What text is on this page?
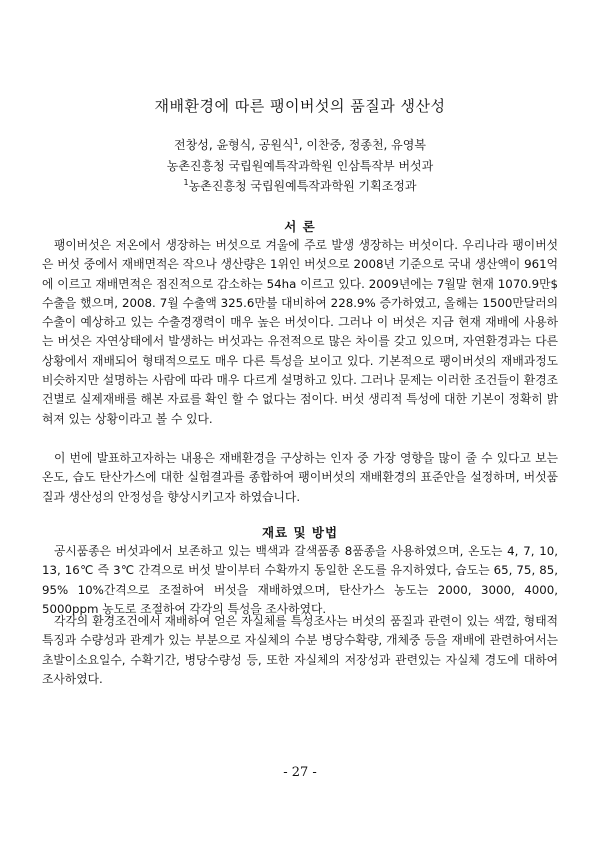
재배환경에 따른 팽이버섯의 품질과 생산성
전창성, 윤형식, 공원식$^1$, 이찬중, 정종천, 유영복
농촌진흥청 국립원예특작과학원 인삼특작부 버섯과
$^1$농촌진흥청 국립원예특작과학원 기획조정과
서 론

팽이버섯은 저온에서 생장하는 버섯으로 겨울에 주로 발생 생장하는 버섯이다. 우리나라 팽이버섯은 버섯 중에서 재배면적은 작으나 생산량은 1위인 버섯으로 2008년 기준으로 국내 생산액이 961억에 이르고 재배면적은 점진적으로 감소하는 54ha 이르고 있다. 2009년에는 7월말 현재 1070.9만$ 수출을 했으며, 2008. 7월 수출액 325.6만불 대비하여 228.9% 증가하였고, 올해는 1500만달러의 수출이 예상하고 있는 수출경쟁력이 매우 높은 버섯이다. 그러나 이 버섯은 지금 현재 재배에 사용하는 버섯은 자연상태에서 발생하는 버섯과는 유전적으로 많은 차이를 갖고 있으며, 자연환경과는 다른 상황에서 재배되어 형태적으로도 매우 다른 특성을 보이고 있다. 기본적으로 팽이버섯의 재배과정도 비슷하지만 설명하는 사람에 따라 매우 다르게 설명하고 있다. 그러나 문제는 이러한 조건들이 환경조건별로 실제재배를 해본 자료를 확인 할 수 없다는 점이다. 버섯 생리적 특성에 대한 기본이 정확히 밝혀져 있는 상황이라고 볼 수 있다.

이 번에 발표하고자하는 내용은 재배환경을 구상하는 인자 중 가장 영향을 많이 줄 수 있다고 보는 온도, 습도 탄산가스에 대한 실험결과를 종합하여 팽이버섯의 재배환경의 표준안을 설정하며, 버섯품질과 생산성의 안정성을 향상시키고자 하였습니다.

재료 및 방법

공시품종은 버섯과에서 보존하고 있는 백색과 갈색품종 8품종을 사용하였으며, 온도는 4, 7, 10, 13, 16℃ 즉 3℃ 간격으로 버섯 발이부터 수확까지 동일한 온도를 유지하였다, 습도는 65, 75, 85, 95% 10%간격으로 조절하여 버섯을 재배하였으며, 탄산가스 농도는 2000, 3000, 4000, 5000ppm 농도로 조절하여 각각의 특성을 조사하였다.

각각의 환경조건에서 재배하여 얻은 자실체를 특성조사는 버섯의 품질과 관련이 있는 색깔, 형태적 특징과 수량성과 관계가 있는 부분으로 자실체의 수분 병당수확량, 개체중 등을 재배에 관련하여서는 초발이소요일수, 수확기간, 병당수량성 등, 또한 자실체의 저장성과 관련있는 자실체 경도에 대하여 조사하였다.

- 27 -
